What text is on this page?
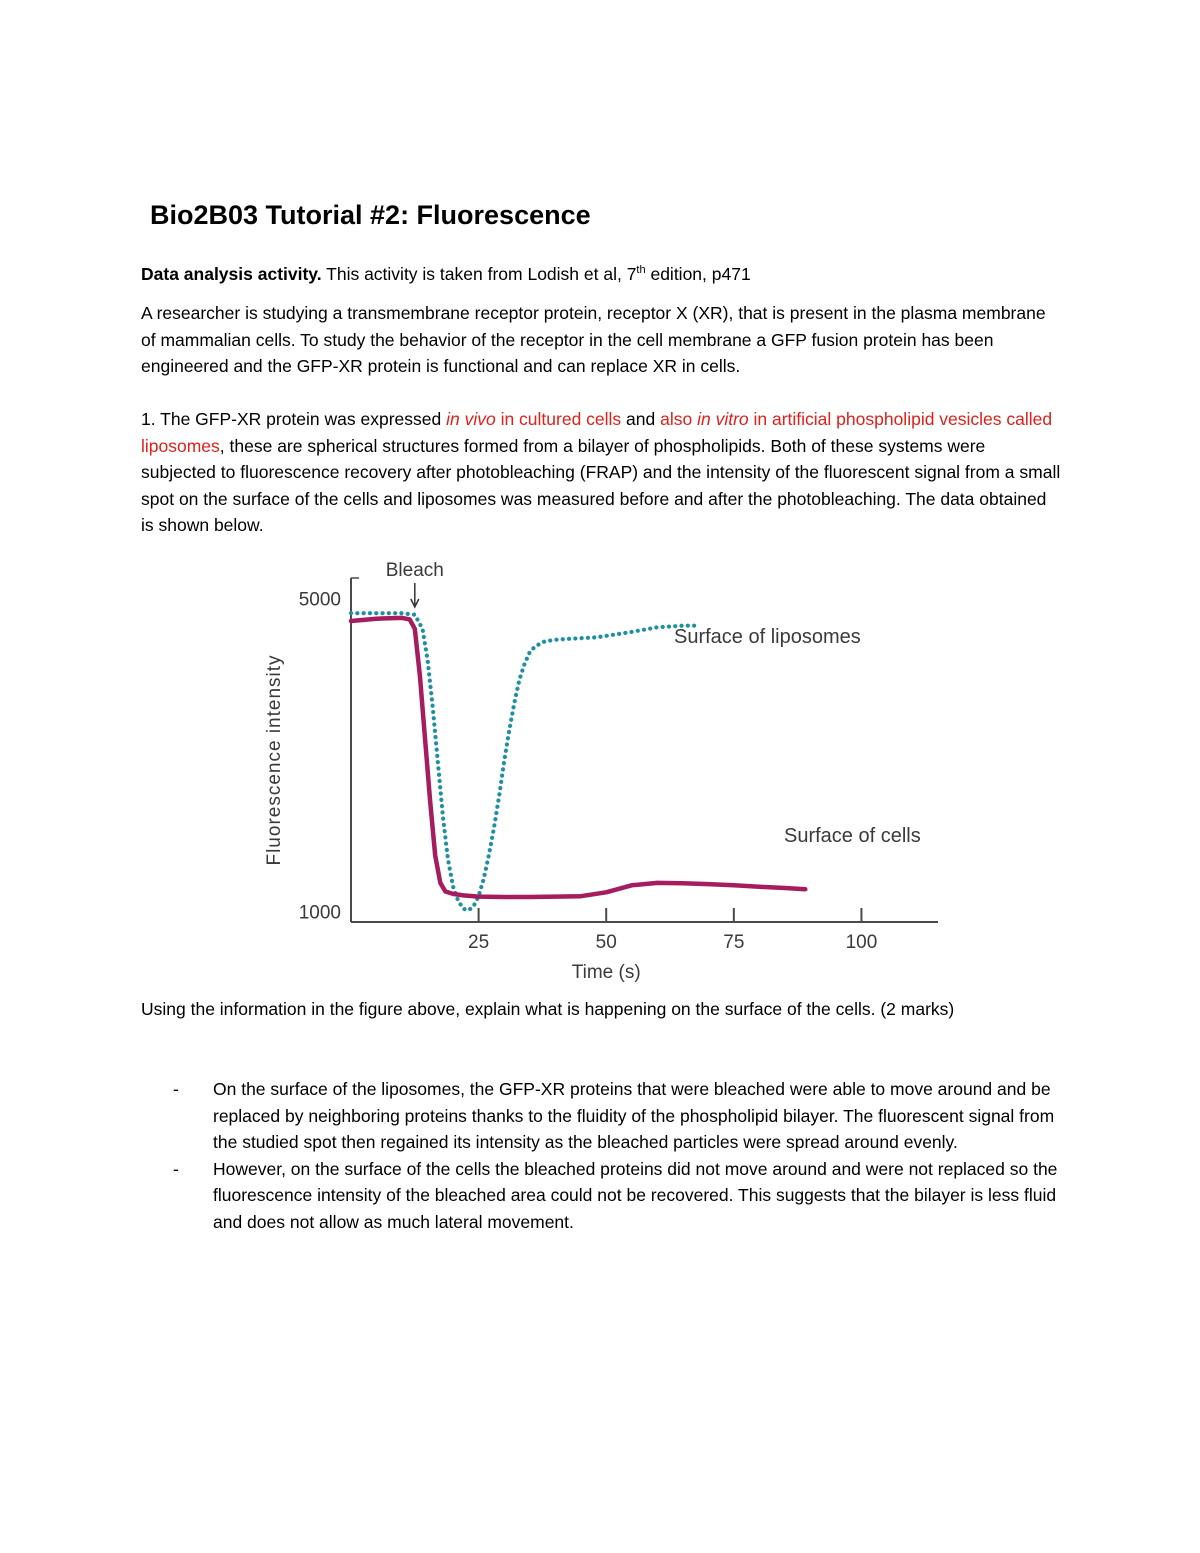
Bio2B03 Tutorial #2: Fluorescence
Data analysis activity. This activity is taken from Lodish et al, 7th edition, p471
A researcher is studying a transmembrane receptor protein, receptor X (XR), that is present in the plasma membrane of mammalian cells. To study the behavior of the receptor in the cell membrane a GFP fusion protein has been engineered and the GFP-XR protein is functional and can replace XR in cells.
1. The GFP-XR protein was expressed in vivo in cultured cells and also in vitro in artificial phospholipid vesicles called liposomes, these are spherical structures formed from a bilayer of phospholipids. Both of these systems were subjected to fluorescence recovery after photobleaching (FRAP) and the intensity of the fluorescent signal from a small spot on the surface of the cells and liposomes was measured before and after the photobleaching. The data obtained is shown below.
25	50	75	100
1000
5000
Time (s)
Fluorescence intensity
Bleach
Surface of liposomes
Surface of cells
Using the information in the figure above, explain what is happening on the surface of the cells. (2 marks)
- On the surface of the liposomes, the GFP-XR proteins that were bleached were able to move around and be replaced by neighboring proteins thanks to the fluidity of the phospholipid bilayer. The fluorescent signal from the studied spot then regained its intensity as the bleached particles were spread around evenly.
- However, on the surface of the cells the bleached proteins did not move around and were not replaced so the fluorescence intensity of the bleached area could not be recovered. This suggests that the bilayer is less fluid and does not allow as much lateral movement.
